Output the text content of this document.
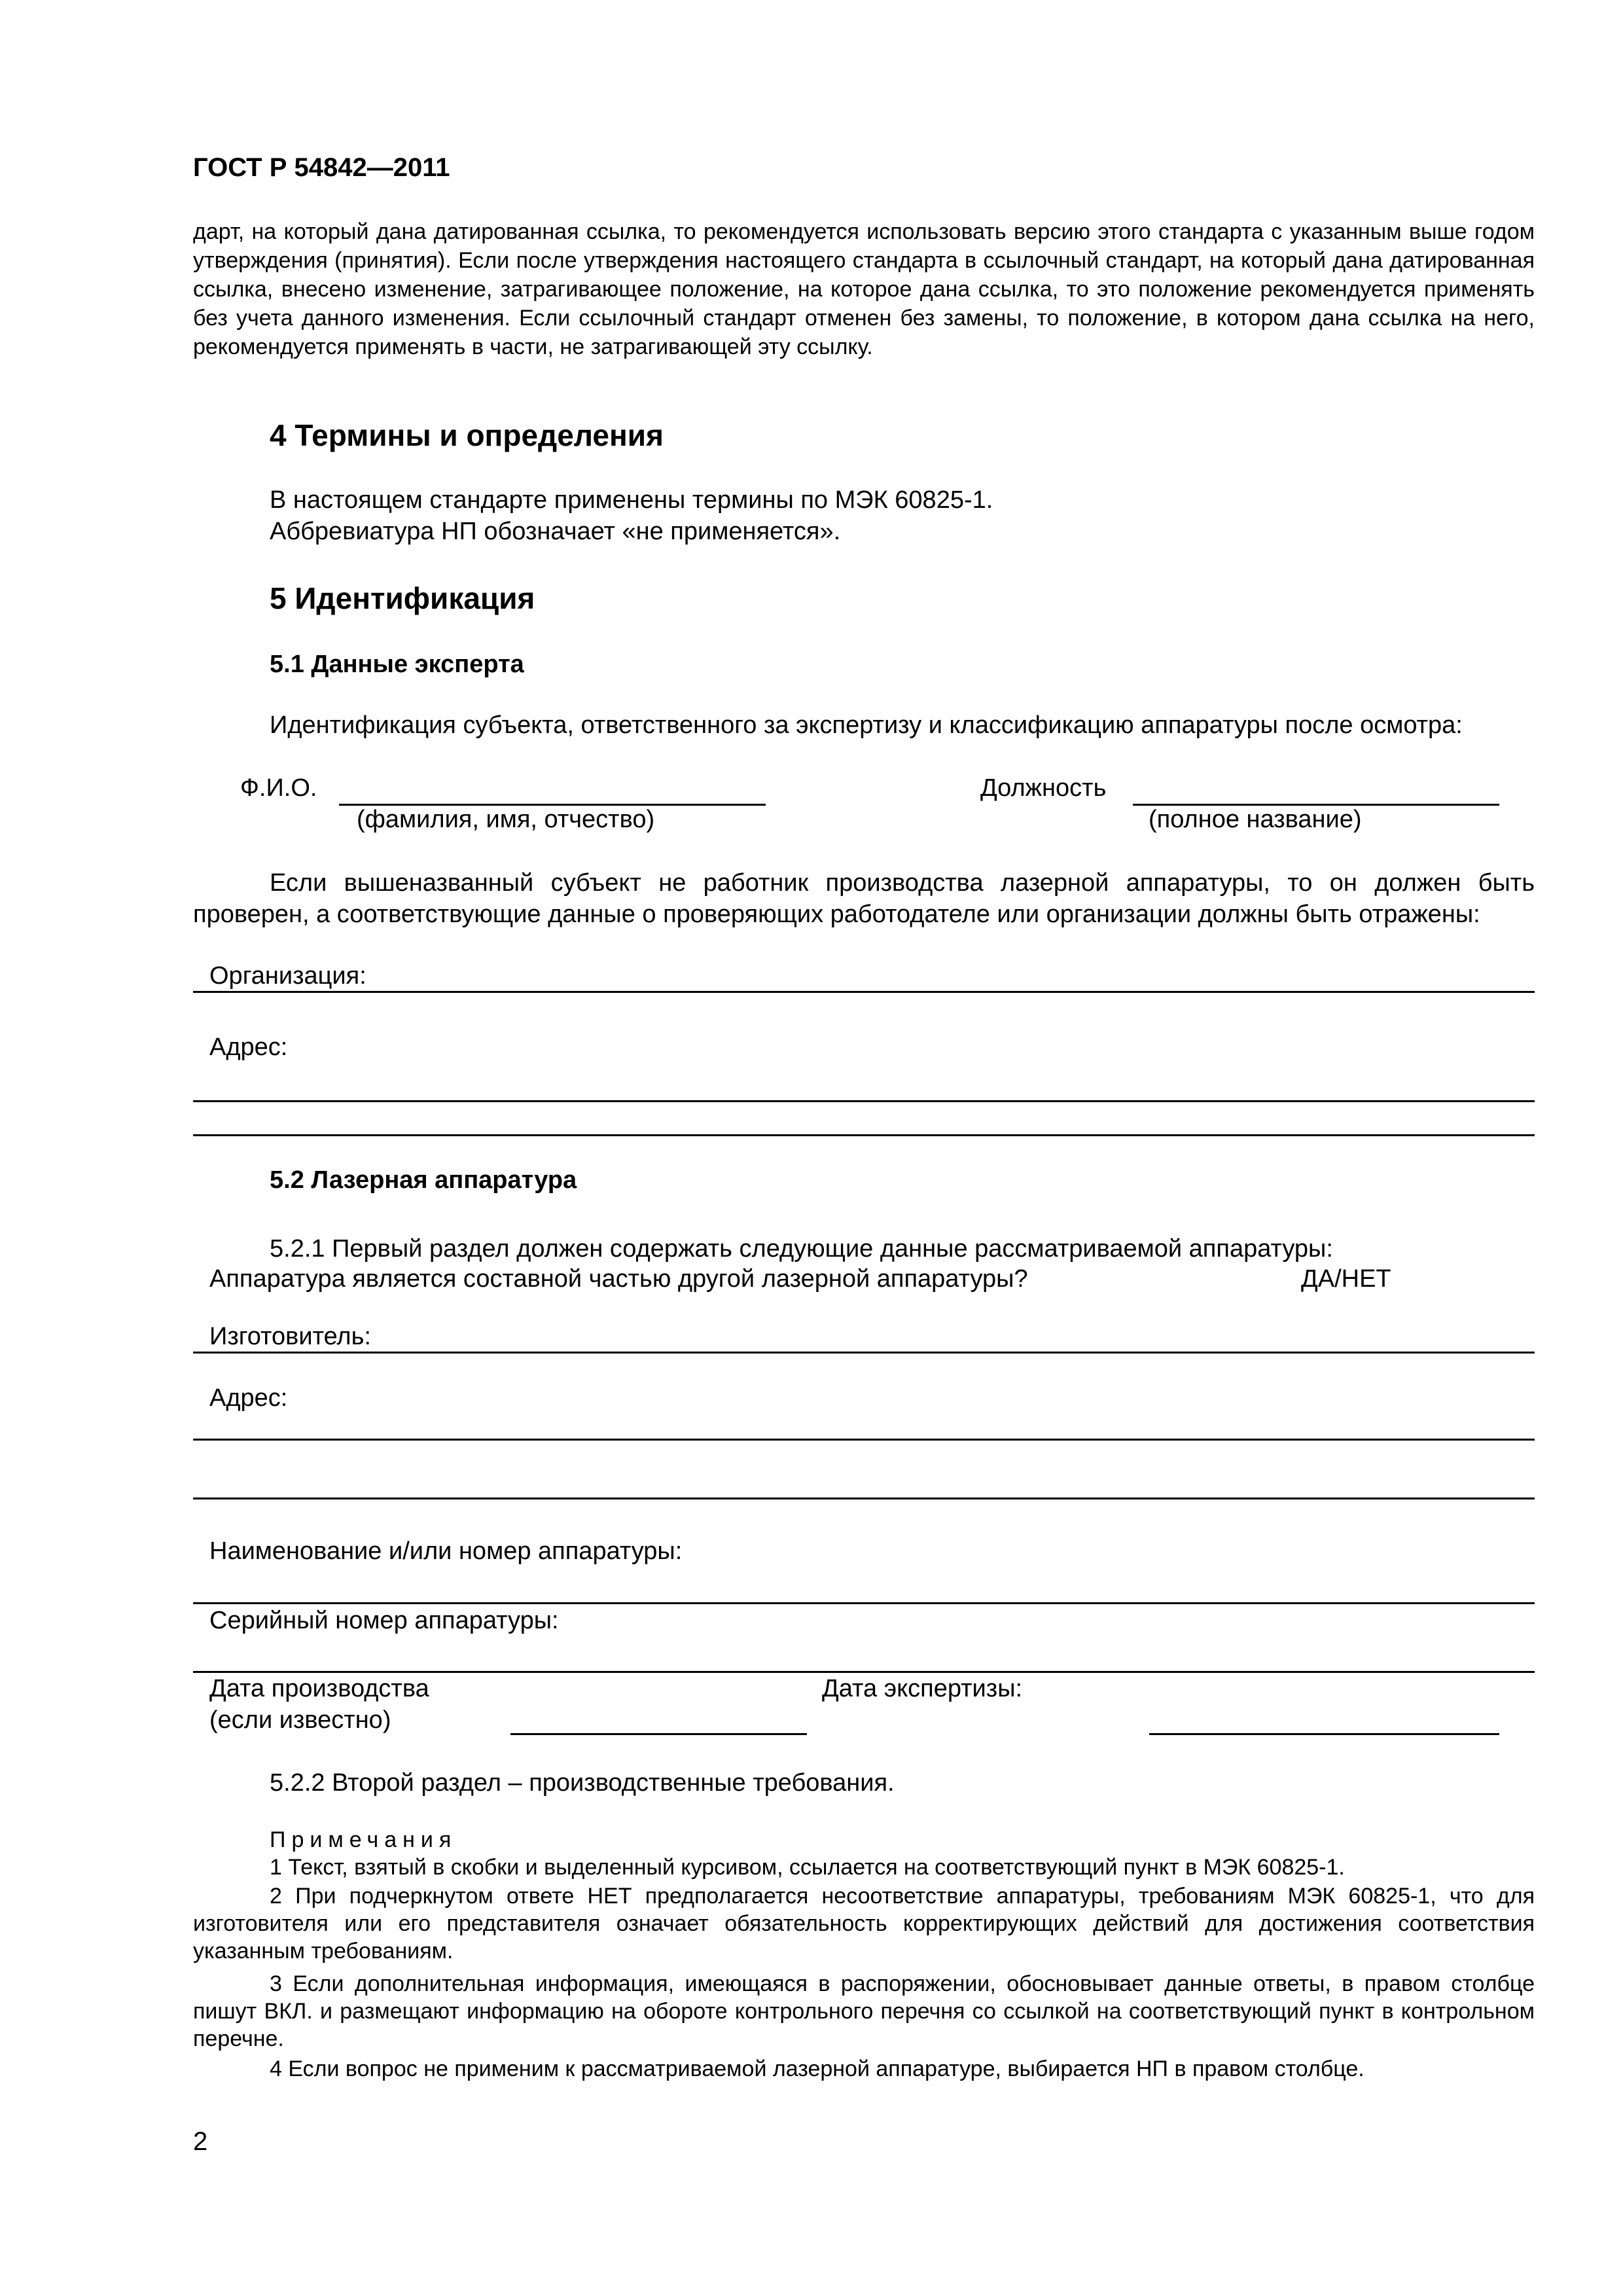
ГОСТ Р 54842—2011
дарт, на который дана датированная ссылка, то рекомендуется использовать версию этого стандарта с указанным выше годом утверждения (принятия). Если после утверждения настоящего стандарта в ссылочный стандарт, на который дана датированная ссылка, внесено изменение, затрагивающее положение, на которое дана ссылка, то это положение рекомендуется применять без учета данного изменения. Если ссылочный стандарт отменен без замены, то положение, в котором дана ссылка на него, рекомендуется применять в части, не затрагивающей эту ссылку.
4 Термины и определения
В настоящем стандарте применены термины по МЭК 60825-1.
Аббревиатура НП обозначает «не применяется».
5 Идентификация
5.1 Данные эксперта
Идентификация субъекта, ответственного за экспертизу и классификацию аппаратуры после осмотра:
Ф.И.О.
(фамилия, имя, отчество)
Должность
(полное название)
Если вышеназванный субъект не работник производства лазерной аппаратуры, то он должен быть проверен, а соответствующие данные о проверяющих работодателе или организации должны быть отражены:
Организация:
Адрес:
5.2 Лазерная аппаратура
5.2.1 Первый раздел должен содержать следующие данные рассматриваемой аппаратуры:
Аппаратура является составной частью другой лазерной аппаратуры?	ДА/НЕТ
Изготовитель:
Адрес:
Наименование и/или номер аппаратуры:
Серийный номер аппаратуры:
Дата производства
(если известно)
Дата экспертизы:
5.2.2 Второй раздел – производственные требования.
Примечания
1 Текст, взятый в скобки и выделенный курсивом, ссылается на соответствующий пункт в МЭК 60825-1.
2 При подчеркнутом ответе НЕТ предполагается несоответствие аппаратуры, требованиям МЭК 60825-1, что для изготовителя или его представителя означает обязательность корректирующих действий для достижения соответствия указанным требованиям.
3 Если дополнительная информация, имеющаяся в распоряжении, обосновывает данные ответы, в правом столбце пишут ВКЛ. и размещают информацию на обороте контрольного перечня со ссылкой на соответствующий пункт в контрольном перечне.
4 Если вопрос не применим к рассматриваемой лазерной аппаратуре, выбирается НП в правом столбце.
2
